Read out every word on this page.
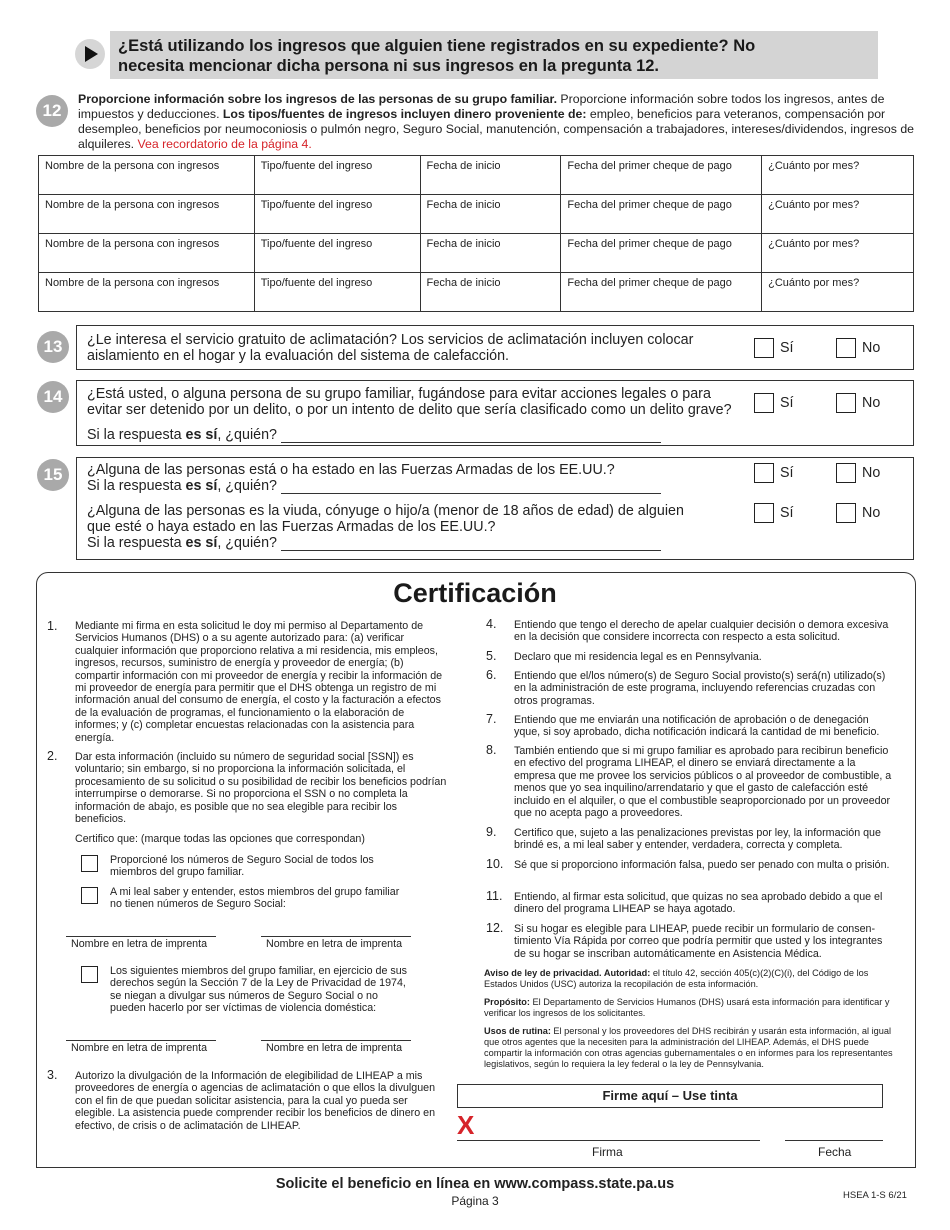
¿Está utilizando los ingresos que alguien tiene registrados en su expediente? No
necesita mencionar dicha persona ni sus ingresos en la pregunta 12.
12
Proporcione información sobre los ingresos de las personas de su grupo familiar. Proporcione información sobre todos los ingresos, antes de impuestos y deducciones. Los tipos/fuentes de ingresos incluyen dinero proveniente de: empleo, beneficios para veteranos, compensación por desempleo, beneficios por neumoconiosis o pulmón negro, Seguro Social, manutención, compensación a trabajadores, intereses/dividendos, ingresos de alquileres. Vea recordatorio de la página 4.
Nombre de la persona con ingresos	Tipo/fuente del ingreso	Fecha de inicio	Fecha del primer cheque de pago	¿Cuánto por mes?
Nombre de la persona con ingresos	Tipo/fuente del ingreso	Fecha de inicio	Fecha del primer cheque de pago	¿Cuánto por mes?
Nombre de la persona con ingresos	Tipo/fuente del ingreso	Fecha de inicio	Fecha del primer cheque de pago	¿Cuánto por mes?
Nombre de la persona con ingresos	Tipo/fuente del ingreso	Fecha de inicio	Fecha del primer cheque de pago	¿Cuánto por mes?
13	¿Le interesa el servicio gratuito de aclimatación? Los servicios de aclimatación incluyen colocar
aislamiento en el hogar y la evaluación del sistema de calefacción.	Sí	No
14	¿Está usted, o alguna persona de su grupo familiar, fugándose para evitar acciones legales o para
evitar ser detenido por un delito, o por un intento de delito que sería clasificado como un delito grave?
Si la respuesta es sí, ¿quién?
Sí	No
15	¿Alguna de las personas está o ha estado en las Fuerzas Armadas de los EE.UU.?
Si la respuesta es sí, ¿quién?
Sí	No
¿Alguna de las personas es la viuda, cónyuge o hijo/a (menor de 18 años de edad) de alguien
que esté o haya estado en las Fuerzas Armadas de los EE.UU.?
Si la respuesta es sí, ¿quién?
Sí	No
Certificación
1. Mediante mi firma en esta solicitud le doy mi permiso al Departamento de Servicios Humanos (DHS) o a su agente autorizado para: (a) verificar cualquier información que proporciono relativa a mi residencia, mis empleos, ingresos, recursos, suministro de energía y proveedor de energía; (b) compartir información con mi proveedor de energía y recibir la información de mi proveedor de energía para permitir que el DHS obtenga un registro de mi información anual del consumo de energía, el costo y la facturación a efectos de la evaluación de programas, el funcionamiento o la elaboración de informes; y (c) completar encuestas relacionadas con la asistencia para energía.
2. Dar esta información (incluido su número de seguridad social [SSN]) es voluntario; sin embargo, si no proporciona la información solicitada, el procesamiento de su solicitud o su posibilidad de recibir los beneficios podrían interrumpirse o demorarse. Si no proporciona el SSN o no completa la información de abajo, es posible que no sea elegible para recibir los beneficios.
Certifico que: (marque todas las opciones que correspondan)
Proporcioné los números de Seguro Social de todos los miembros del grupo familiar.
A mi leal saber y entender, estos miembros del grupo familiar no tienen números de Seguro Social:
Nombre en letra de imprenta	Nombre en letra de imprenta
Los siguientes miembros del grupo familiar, en ejercicio de sus derechos según la Sección 7 de la Ley de Privacidad de 1974, se niegan a divulgar sus números de Seguro Social o no pueden hacerlo por ser víctimas de violencia doméstica:
Nombre en letra de imprenta	Nombre en letra de imprenta
3. Autorizo la divulgación de la Información de elegibilidad de LIHEAP a mis proveedores de energía o agencias de aclimatación o que ellos la divulguen con el fin de que puedan solicitar asistencia, para la cual yo pueda ser elegible. La asistencia puede comprender recibir los beneficios de dinero en efectivo, de crisis o de aclimatación de LIHEAP.
4. Entiendo que tengo el derecho de apelar cualquier decisión o demora excesiva en la decisión que considere incorrecta con respecto a esta solicitud.
5. Declaro que mi residencia legal es en Pennsylvania.
6. Entiendo que el/los número(s) de Seguro Social provisto(s) será(n) utilizado(s) en la administración de este programa, incluyendo referencias cruzadas con otros programas.
7. Entiendo que me enviarán una notificación de aprobación o de denegación yque, si soy aprobado, dicha notificación indicará la cantidad de mi beneficio.
8. También entiendo que si mi grupo familiar es aprobado para recibirun beneficio en efectivo del programa LIHEAP, el dinero se enviará directamente a la empresa que me provee los servicios públicos o al proveedor de combustible, a menos que yo sea inquilino/arrendatario y que el gasto de calefacción esté incluido en el alquiler, o que el combustible seaproporcionado por un proveedor que no acepta pago a proveedores.
9. Certifico que, sujeto a las penalizaciones previstas por ley, la información que brindé es, a mi leal saber y entender, verdadera, correcta y completa.
10. Sé que si proporciono información falsa, puedo ser penado con multa o prisión.
11. Entiendo, al firmar esta solicitud, que quizas no sea aprobado debido a que el dinero del programa LIHEAP se haya agotado.
12. Si su hogar es elegible para LIHEAP, puede recibir un formulario de consentimiento Vía Rápida por correo que podría permitir que usted y los integrantes de su hogar se inscriban automáticamente en Asistencia Médica.
Aviso de ley de privacidad. Autoridad: el título 42, sección 405(c)(2)(C)(i), del Código de los Estados Unidos (USC) autoriza la recopilación de esta información.
Propósito: El Departamento de Servicios Humanos (DHS) usará esta información para identificar y verificar los ingresos de los solicitantes.
Usos de rutina: El personal y los proveedores del DHS recibirán y usarán esta información, al igual que otros agentes que la necesiten para la administración del LIHEAP. Además, el DHS puede compartir la información con otras agencias gubernamentales o en informes para los representantes legislativos, según lo requiera la ley federal o la ley de Pennsylvania.
Firme aquí – Use tinta
X
Firma	Fecha
Solicite el beneficio en línea en www.compass.state.pa.us
Página 3	HSEA 1-S 6/21
